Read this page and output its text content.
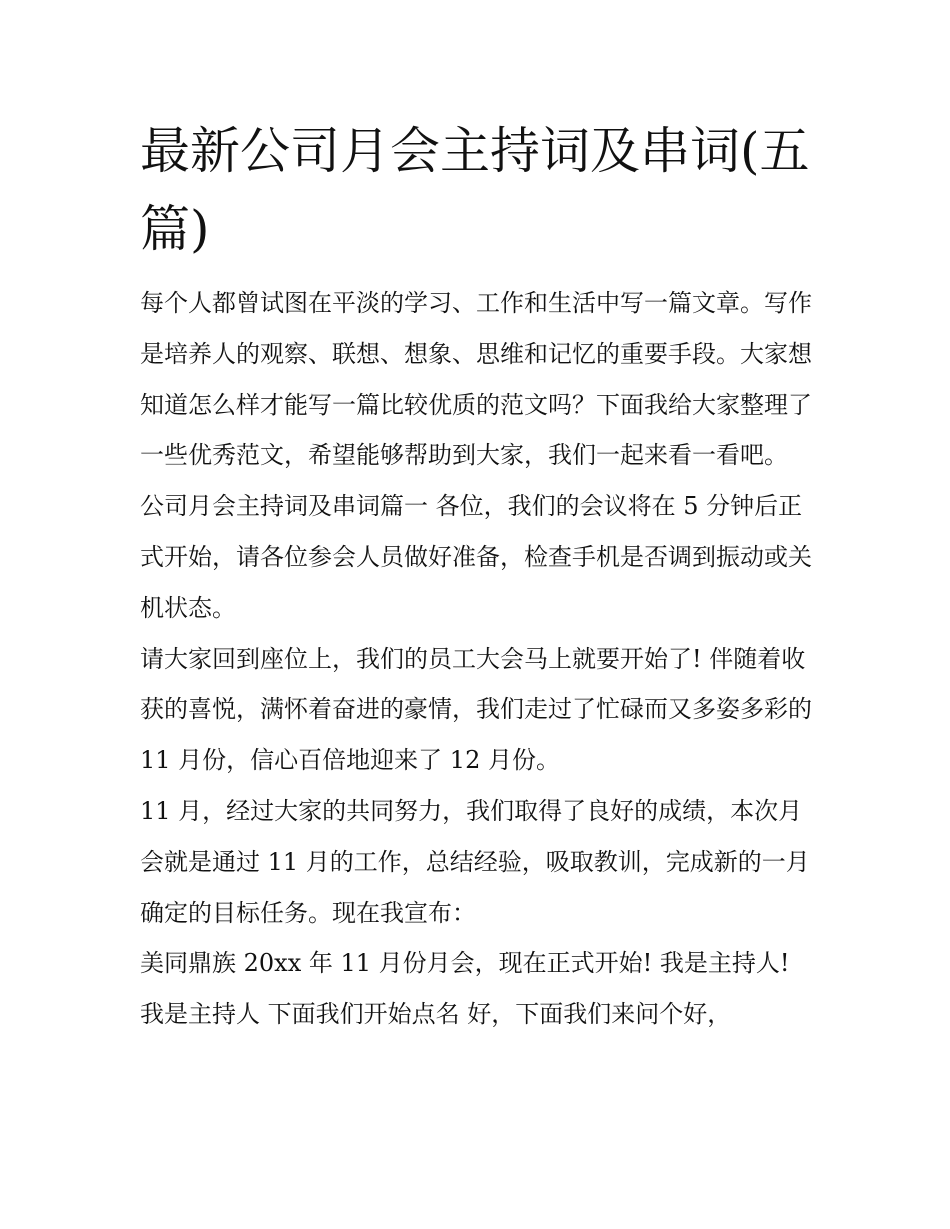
最新公司月会主持词及串词(五篇)

每个人都曾试图在平淡的学习、工作和生活中写一篇文章。写作是培养人的观察、联想、想象、思维和记忆的重要手段。大家想知道怎么样才能写一篇比较优质的范文吗？下面我给大家整理了一些优秀范文，希望能够帮助到大家，我们一起来看一看吧。

公司月会主持词及串词篇一 各位，我们的会议将在 5 分钟后正式开始，请各位参会人员做好准备，检查手机是否调到振动或关机状态。

请大家回到座位上，我们的员工大会马上就要开始了! 伴随着收获的喜悦，满怀着奋进的豪情，我们走过了忙碌而又多姿多彩的 11 月份，信心百倍地迎来了 12 月份。

11 月，经过大家的共同努力，我们取得了良好的成绩，本次月会就是通过 11 月的工作，总结经验，吸取教训，完成新的一月确定的目标任务。现在我宣布：

美同鼎族 20xx 年 11 月份月会，现在正式开始! 我是主持人! 我是主持人 下面我们开始点名 好，下面我们来问个好，
